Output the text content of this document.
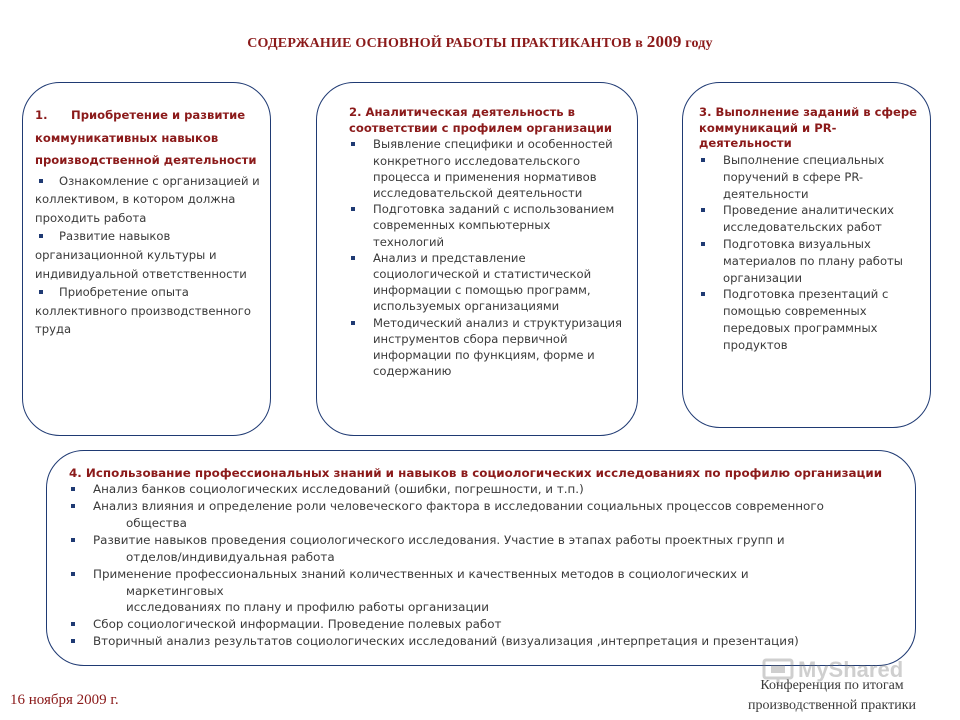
СОДЕРЖАНИЕ ОСНОВНОЙ РАБОТЫ ПРАКТИКАНТОВ в 2009 году

1. Приобретение и развитие коммуникативных навыков производственной деятельности

Ознакомление с организацией и коллективом, в котором должна проходить работа
Развитие навыков организационной культуры и индивидуальной ответственности
Приобретение опыта коллективного производственного труда

2. Аналитическая деятельность в соответствии с профилем организации

Выявление специфики и особенностей конкретного исследовательского процесса и применения нормативов исследовательской деятельности
Подготовка заданий с использованием современных компьютерных технологий
Анализ и представление социологической и статистической информации с помощью программ, используемых организациями
Методический анализ и структуризация инструментов сбора первичной информации по функциям, форме и содержанию

3. Выполнение заданий в сфере коммуникаций и PR-деятельности

Выполнение специальных поручений в сфере PR-деятельности
Проведение аналитических исследовательских работ
Подготовка визуальных материалов по плану работы организации
Подготовка презентаций с помощью современных передовых программных продуктов

4. Использование профессиональных знаний и навыков в социологических исследованиях по профилю организации

Анализ банков социологических исследований (ошибки, погрешности, и т.п.)
Анализ влияния и определение роли человеческого фактора в исследовании социальных процессов современного
общества
Развитие навыков проведения социологического исследования. Участие в этапах работы проектных групп и
отделов/индивидуальная работа
Применение профессиональных знаний количественных и качественных методов в социологических и
маркетинговых
исследованиях по плану и профилю работы организации
Сбор социологической информации. Проведение полевых работ
Вторичный анализ результатов социологических исследований (визуализация ,интерпретация и презентация)
MyShared
16 ноября 2009 г.
Конференция по итогам
производственной практики
